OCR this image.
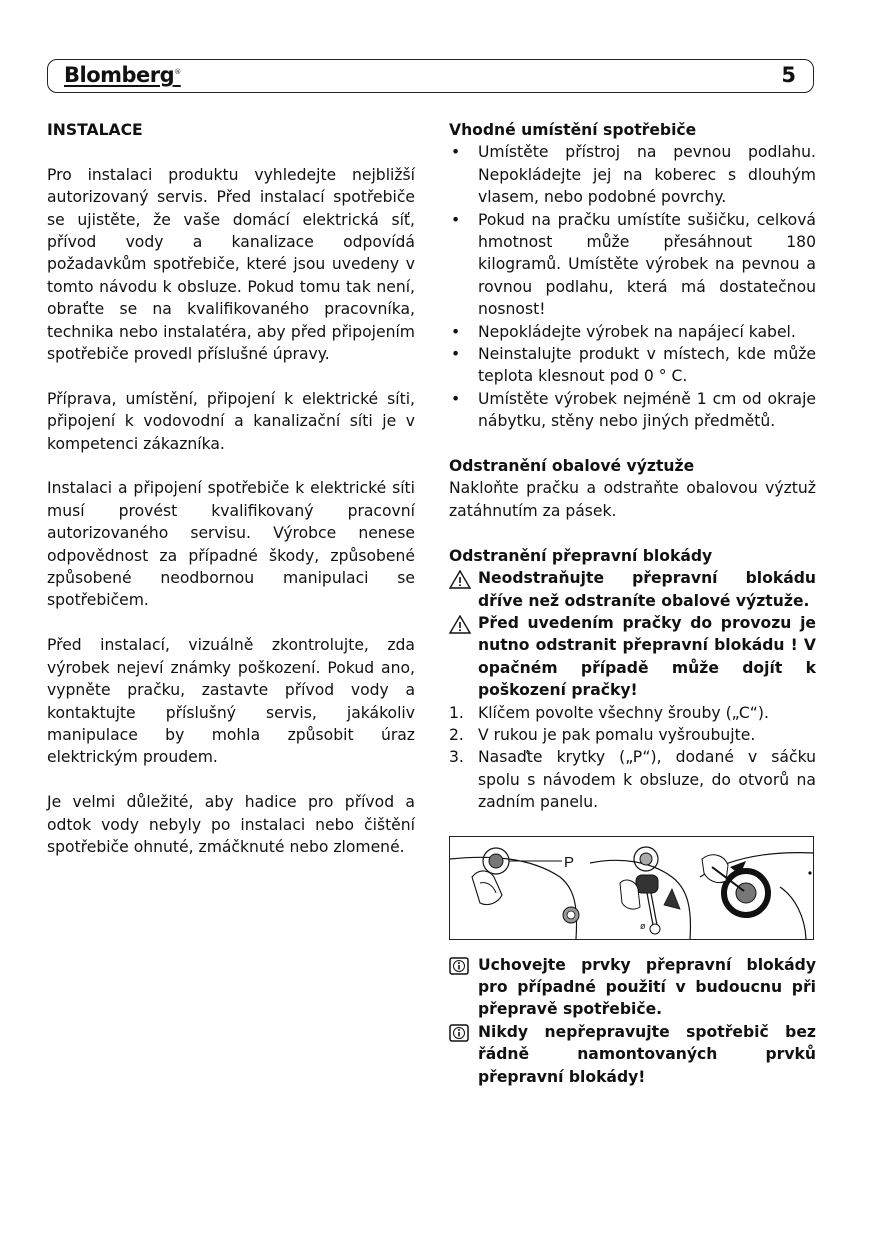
Blomberg®	5
INSTALACE

Pro instalaci produktu vyhledejte nejbližší autorizovaný servis. Před instalací spotřebiče se ujistěte, že vaše domácí elektrická síť, přívod vody a kanalizace odpovídá požadavkům spotřebiče, které jsou uvedeny v tomto návodu k obsluze. Pokud tomu tak není, obraťte se na kvalifikovaného pracovníka, technika nebo instalatéra, aby před připojením spotřebiče provedl příslušné úpravy.

Příprava, umístění, připojení k elektrické síti, připojení k vodovodní a kanalizační síti je v kompetenci zákazníka.

Instalaci a připojení spotřebiče k elektrické síti musí provést kvalifikovaný pracovní autorizovaného servisu. Výrobce nenese odpovědnost za případné škody, způsobené způsobené neodbornou manipulaci se spotřebičem.

Před instalací, vizuálně zkontrolujte, zda výrobek nejeví známky poškození. Pokud ano, vypněte pračku, zastavte přívod vody a kontaktujte příslušný servis, jakákoliv manipulace by mohla způsobit úraz elektrickým proudem.

Je velmi důležité, aby hadice pro přívod a odtok vody nebyly po instalaci nebo čištění spotřebiče ohnuté, zmáčknuté nebo zlomené.

Vhodné umístění spotřebiče
• Umístěte přístroj na pevnou podlahu. Nepokládejte jej na koberec s dlouhým vlasem, nebo podobné povrchy.
• Pokud na pračku umístíte sušičku, celková hmotnost může přesáhnout 180 kilogramů. Umístěte výrobek na pevnou a rovnou podlahu, která má dostatečnou nosnost!
• Nepokládejte výrobek na napájecí kabel.
• Neinstalujte produkt v místech, kde může teplota klesnout pod 0 ° C.
• Umístěte výrobek nejméně 1 cm od okraje nábytku, stěny nebo jiných předmětů.
Odstranění obalové výztuže

Nakloňte pračku a odstraňte obalovou výztuž zatáhnutím za pásek.

Odstranění přepravní blokády
Neodstraňujte přepravní blokádu dříve než odstraníte obalové výztuže.
Před uvedením pračky do provozu je nutno odstranit přepravní blokádu ! V opačném případě může dojít k poškození pračky!
1. Klíčem povolte všechny šrouby („C“).
2. V rukou je pak pomalu vyšroubujte.
3. Nasaďte krytky („P“), dodané v sáčku spolu s návodem k obsluze, do otvorů na zadním panelu.
P
ø
Uchovejte prvky přepravní blokády pro případné použití v budoucnu při přepravě spotřebiče.
Nikdy nepřepravujte spotřebič bez řádně namontovaných prvků přepravní blokády!
